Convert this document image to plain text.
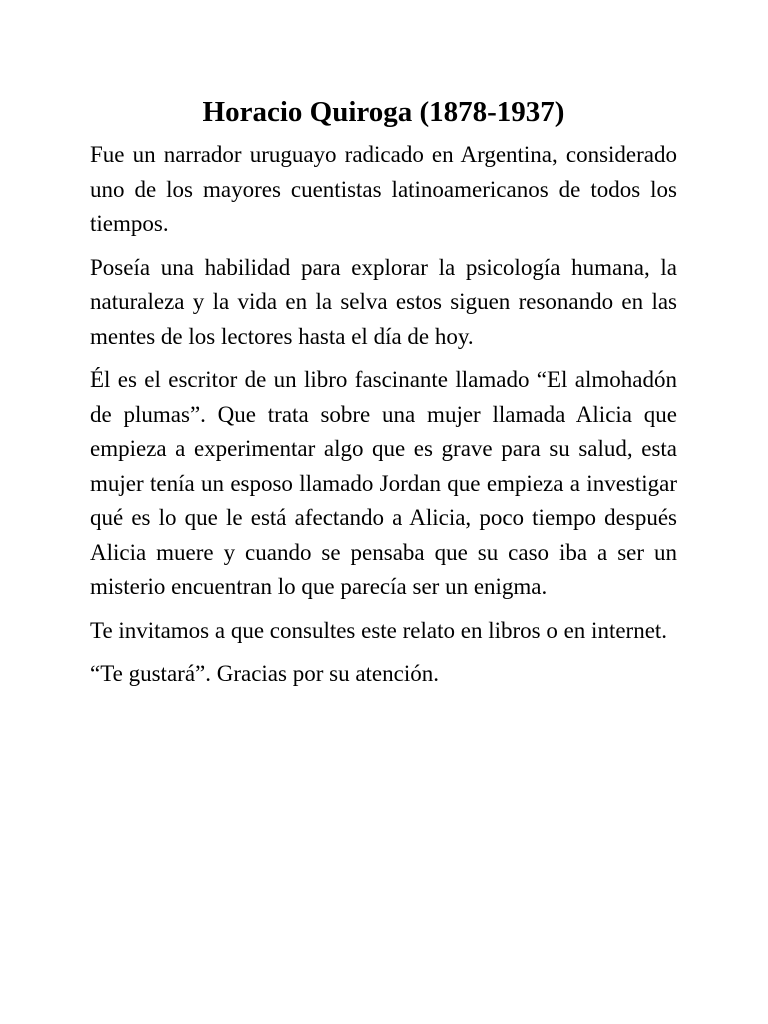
Horacio Quiroga (1878-1937)

Fue un narrador uruguayo radicado en Argentina, considerado uno de los mayores cuentistas latinoamericanos de todos los tiempos.

Poseía una habilidad para explorar la psicología humana, la naturaleza y la vida en la selva estos siguen resonando en las mentes de los lectores hasta el día de hoy.

Él es el escritor de un libro fascinante llamado “El almohadón de plumas”. Que trata sobre una mujer llamada Alicia que empieza a experimentar algo que es grave para su salud, esta mujer tenía un esposo llamado Jordan que empieza a investigar qué es lo que le está afectando a Alicia, poco tiempo después Alicia muere y cuando se pensaba que su caso iba a ser un misterio encuentran lo que parecía ser un enigma.

Te invitamos a que consultes este relato en libros o en internet.

“Te gustará”. Gracias por su atención.
